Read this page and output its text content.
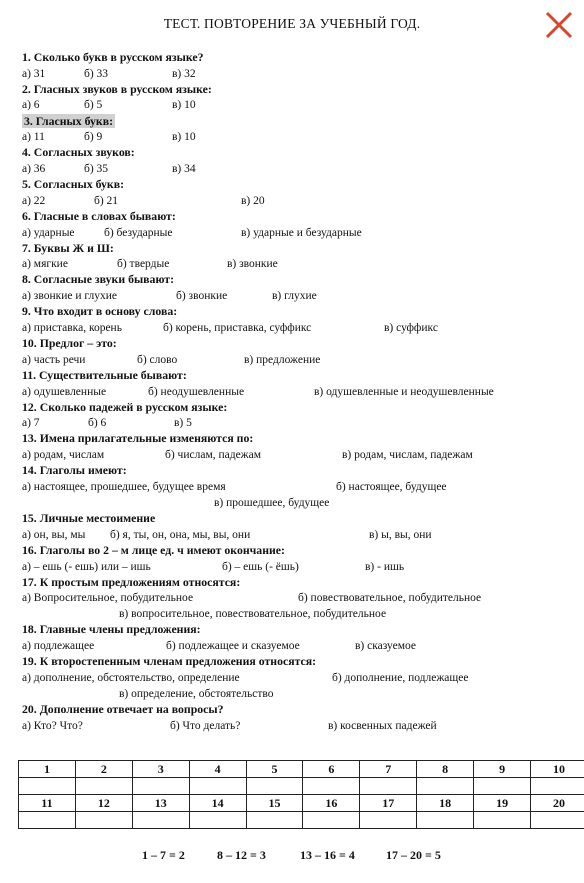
ТЕСТ. ПОВТОРЕНИЕ ЗА УЧЕБНЫЙ ГОД.
1. Сколько букв в русском языке?
а) 31	б) 33	в) 32
2. Гласных звуков в русском языке:
а) 6	б) 5	в) 10
3. Гласных букв:
а) 11	б) 9	в) 10
4. Согласных звуков:
а) 36	б) 35	в) 34
5. Согласных букв:
а) 22	б) 21	в) 20
6. Гласные в словах бывают:
а) ударные	б) безударные	в) ударные и безударные
7. Буквы Ж и Ш:
а) мягкие	б) твердые	в) звонкие
8. Согласные звуки бывают:
а) звонкие и глухие	б) звонкие	в) глухие
9. Что входит в основу слова:
а) приставка, корень	б) корень, приставка, суффикс	в) суффикс
10. Предлог – это:
а) часть речи	б) слово	в) предложение
11. Существительные бывают:
а) одушевленные	б) неодушевленные	в) одушевленные и неодушевленные
12. Сколько падежей в русском языке:
а) 7	б) 6	в) 5
13. Имена прилагательные изменяются по:
а) родам, числам	б) числам, падежам	в) родам, числам, падежам
14. Глаголы имеют:
а) настоящее, прошедшее, будущее время	б) настоящее, будущее
в) прошедшее, будущее
15. Личные местоимение
а) он, вы, мы б) я, ты, он, она, мы, вы, они	в) ы, вы, они
16. Глаголы во 2 – м лице ед. ч имеют окончание:
а) – ешь (- ешь) или – ишь	б) – ешь (- ёшь)	в) - ишь
17. К простым предложениям относятся:
а) Вопросительное, побудительное	б) повествовательное, побудительное
в) вопросительное, повествовательное, побудительное
18. Главные члены предложения:
а) подлежащее	б) подлежащее и сказуемое	в) сказуемое
19. К второстепенным членам предложения относятся:
а) дополнение, обстоятельство, определение	б) дополнение, подлежащее
в) определение, обстоятельство
20. Дополнение отвечает на вопросы?
а) Кто? Что?	б) Что делать?	в) косвенных падежей
1	2	3	4	5	6	7	8	9	10

11	12	13	14	15	16	17	18	19	20

1 – 7 = 2	8 – 12 = 3	13 – 16 = 4	17 – 20 = 5
